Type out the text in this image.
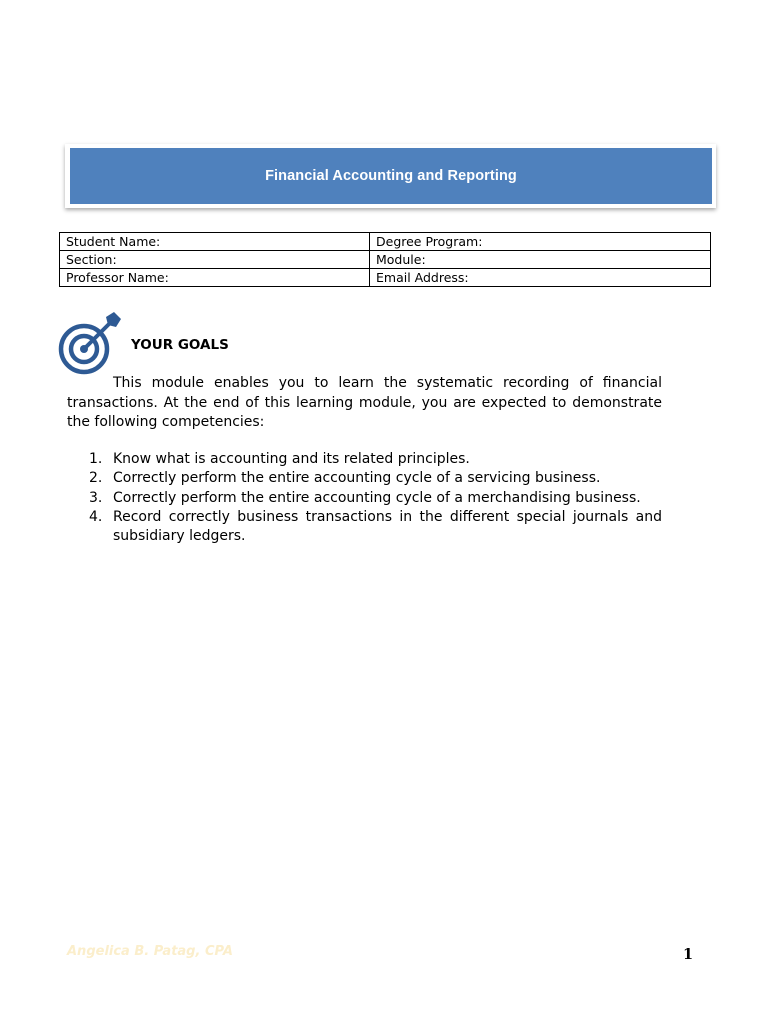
Financial Accounting and Reporting
Student Name:	Degree Program:
Section:	Module:
Professor Name:	Email Address:
YOUR GOALS

This module enables you to learn the systematic recording of financial transactions. At the end of this learning module, you are expected to demonstrate the following competencies:

1. Know what is accounting and its related principles.
2. Correctly perform the entire accounting cycle of a servicing business.
3. Correctly perform the entire accounting cycle of a merchandising business.
4. Record correctly business transactions in the different special journals and subsidiary ledgers.
Angelica B. Patag, CPA	1
